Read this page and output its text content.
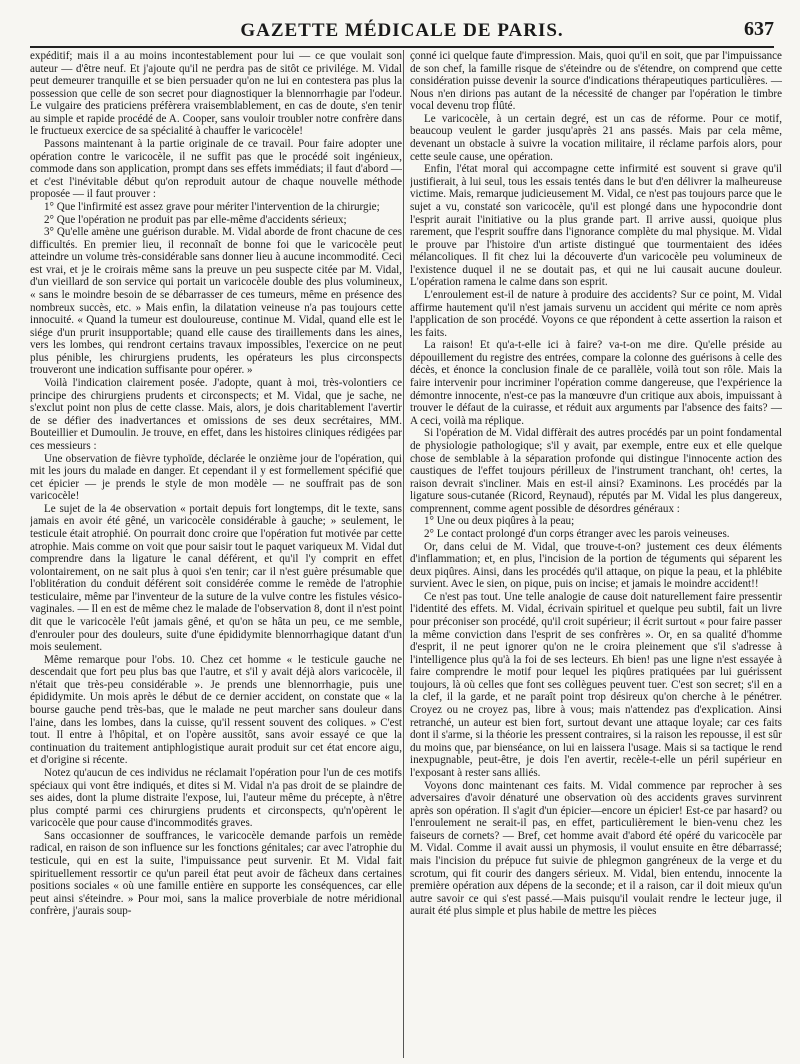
GAZETTE MÉDICALE DE PARIS.	637

expéditif; mais il a au moins incontestablement pour lui — ce que voulait son auteur — d'être neuf. Et j'ajoute qu'il ne perdra pas de sitôt ce privilége. M. Vidal peut demeurer tranquille et se bien persuader qu'on ne lui en contestera pas plus la possession que celle de son secret pour diagnostiquer la blennorrhagie par l'odeur. Le vulgaire des praticiens préfèrera vraisemblablement, en cas de doute, s'en tenir au simple et rapide procédé de A. Cooper, sans vouloir troubler notre confrère dans le fructueux exercice de sa spécialité à chauffer le varicocèle!

Passons maintenant à la partie originale de ce travail. Pour faire adopter une opération contre le varicocèle, il ne suffit pas que le procédé soit ingénieux, commode dans son application, prompt dans ses effets immédiats; il faut d'abord — et c'est l'inévitable début qu'on reproduit autour de chaque nouvelle méthode proposée — il faut prouver :

1° Que l'infirmité est assez grave pour mériter l'intervention de la chirurgie;

2° Que l'opération ne produit pas par elle-même d'accidents sérieux;

3° Qu'elle amène une guérison durable. M. Vidal aborde de front chacune de ces difficultés. En premier lieu, il reconnaît de bonne foi que le varicocèle peut atteindre un volume très-considérable sans donner lieu à aucune incommodité. Ceci est vrai, et je le croirais même sans la preuve un peu suspecte citée par M. Vidal, d'un vieillard de son service qui portait un varicocèle double des plus volumineux, « sans le moindre besoin de se débarrasser de ces tumeurs, même en présence des nombreux succès, etc. » Mais enfin, la dilatation veineuse n'a pas toujours cette innocuité. « Quand la tumeur est douloureuse, continue M. Vidal, quand elle est le siége d'un prurit insupportable; quand elle cause des tiraillements dans les aines, vers les lombes, qui rendront certains travaux impossibles, l'exercice on ne peut plus pénible, les chirurgiens prudents, les opérateurs les plus circonspects trouveront une indication suffisante pour opérer. »

Voilà l'indication clairement posée. J'adopte, quant à moi, très-volontiers ce principe des chirurgiens prudents et circonspects; et M. Vidal, que je sache, ne s'exclut point non plus de cette classe. Mais, alors, je dois charitablement l'avertir de se défier des inadvertances et omissions de ses deux secrétaires, MM. Bouteillier et Dumoulin. Je trouve, en effet, dans les histoires cliniques rédigées par ces messieurs :

Une observation de fièvre typhoïde, déclarée le onzième jour de l'opération, qui mit les jours du malade en danger. Et cependant il y est formellement spécifié que cet épicier — je prends le style de mon modèle — ne souffrait pas de son varicocèle!

Le sujet de la 4e observation « portait depuis fort longtemps, dit le texte, sans jamais en avoir été gêné, un varicocèle considérable à gauche; » seulement, le testicule était atrophié. On pourrait donc croire que l'opération fut motivée par cette atrophie. Mais comme on voit que pour saisir tout le paquet variqueux M. Vidal dut comprendre dans la ligature le canal déférent, et qu'il l'y comprit en effet volontairement, on ne sait plus à quoi s'en tenir; car il n'est guère présumable que l'oblitération du conduit déférent soit considérée comme le remède de l'atrophie testiculaire, même par l'inventeur de la suture de la vulve contre les fistules vésico-vaginales. — Il en est de même chez le malade de l'observation 8, dont il n'est point dit que le varicocèle l'eût jamais gêné, et qu'on se hâta un peu, ce me semble, d'enrouler pour des douleurs, suite d'une épididymite blennorrhagique datant d'un mois seulement.

Même remarque pour l'obs. 10. Chez cet homme « le testicule gauche ne descendait que fort peu plus bas que l'autre, et s'il y avait déjà alors varicocèle, il n'était que très-peu considérable ». Je prends une blennorrhagie, puis une épididymite. Un mois après le début de ce dernier accident, on constate que « la bourse gauche pend très-bas, que le malade ne peut marcher sans douleur dans l'aine, dans les lombes, dans la cuisse, qu'il ressent souvent des coliques. » C'est tout. Il entre à l'hôpital, et on l'opère aussitôt, sans avoir essayé ce que la continuation du traitement antiphlogistique aurait produit sur cet état encore aigu, et d'origine si récente.

Notez qu'aucun de ces individus ne réclamait l'opération pour l'un de ces motifs spéciaux qui vont être indiqués, et dites si M. Vidal n'a pas droit de se plaindre de ses aides, dont la plume distraite l'expose, lui, l'auteur même du précepte, à n'être plus compté parmi ces chirurgiens prudents et circonspects, qu'n'opèrent le varicocèle que pour cause d'incommodités graves.

Sans occasionner de souffrances, le varicocèle demande parfois un remède radical, en raison de son influence sur les fonctions génitales; car avec l'atrophie du testicule, qui en est la suite, l'impuissance peut survenir. Et M. Vidal fait spirituellement ressortir ce qu'un pareil état peut avoir de fâcheux dans certaines positions sociales « où une famille entière en supporte les conséquences, car elle peut ainsi s'éteindre. » Pour moi, sans la malice proverbiale de notre méridional confrère, j'aurais soup-

çonné ici quelque faute d'impression. Mais, quoi qu'il en soit, que par l'impuissance de son chef, la famille risque de s'éteindre ou de s'étendre, on comprend que cette considération puisse devenir la source d'indications thérapeutiques particulières. — Nous n'en dirions pas autant de la nécessité de changer par l'opération le timbre vocal devenu trop flûté.

Le varicocèle, à un certain degré, est un cas de réforme. Pour ce motif, beaucoup veulent le garder jusqu'après 21 ans passés. Mais par cela même, devenant un obstacle à suivre la vocation militaire, il réclame parfois alors, pour cette seule cause, une opération.

Enfin, l'état moral qui accompagne cette infirmité est souvent si grave qu'il justifierait, à lui seul, tous les essais tentés dans le but d'en délivrer la malheureuse victime. Mais, remarque judicieusement M. Vidal, ce n'est pas toujours parce que le sujet a vu, constaté son varicocèle, qu'il est plongé dans une hypocondrie dont l'esprit aurait l'initiative ou la plus grande part. Il arrive aussi, quoique plus rarement, que l'esprit souffre dans l'ignorance complète du mal physique. M. Vidal le prouve par l'histoire d'un artiste distingué que tourmentaient des idées mélancoliques. Il fit chez lui la découverte d'un varicocèle peu volumineux de l'existence duquel il ne se doutait pas, et qui ne lui causait aucune douleur. L'opération ramena le calme dans son esprit.

L'enroulement est-il de nature à produire des accidents? Sur ce point, M. Vidal affirme hautement qu'il n'est jamais survenu un accident qui mérite ce nom après l'application de son procédé. Voyons ce que répondent à cette assertion la raison et les faits.

La raison! Et qu'a-t-elle ici à faire? va-t-on me dire. Qu'elle préside au dépouillement du registre des entrées, compare la colonne des guérisons à celle des décès, et énonce la conclusion finale de ce parallèle, voilà tout son rôle. Mais la faire intervenir pour incriminer l'opération comme dangereuse, que l'expérience la démontre innocente, n'est-ce pas la manœuvre d'un critique aux abois, impuissant à trouver le défaut de la cuirasse, et réduit aux arguments par l'absence des faits? — A ceci, voilà ma réplique.

Si l'opération de M. Vidal diffèrait des autres procédés par un point fondamental de physiologie pathologique; s'il y avait, par exemple, entre eux et elle quelque chose de semblable à la séparation profonde qui distingue l'innocente action des caustiques de l'effet toujours périlleux de l'instrument tranchant, oh! certes, la raison devrait s'incliner. Mais en est-il ainsi? Examinons. Les procédés par la ligature sous-cutanée (Ricord, Reynaud), réputés par M. Vidal les plus dangereux, comprennent, comme agent possible de désordres généraux :

1° Une ou deux piqûres à la peau;

2° Le contact prolongé d'un corps étranger avec les parois veineuses.

Or, dans celui de M. Vidal, que trouve-t-on? justement ces deux éléments d'inflammation; et, en plus, l'incision de la portion de téguments qui séparent les deux piqûres. Ainsi, dans les procédés qu'il attaque, on pique la peau, et la phlébite survient. Avec le sien, on pique, puis on incise; et jamais le moindre accident!!

Ce n'est pas tout. Une telle analogie de cause doit naturellement faire pressentir l'identité des effets. M. Vidal, écrivain spirituel et quelque peu subtil, fait un livre pour préconiser son procédé, qu'il croit supérieur; il écrit surtout « pour faire passer la même conviction dans l'esprit de ses confrères ». Or, en sa qualité d'homme d'esprit, il ne peut ignorer qu'on ne le croira pleinement que s'il s'adresse à l'intelligence plus qu'à la foi de ses lecteurs. Eh bien! pas une ligne n'est essayée à faire comprendre le motif pour lequel les piqûres pratiquées par lui guérissent toujours, là où celles que font ses collègues peuvent tuer. C'est son secret; s'il en a la clef, il la garde, et ne paraît point trop désireux qu'on cherche à le pénétrer. Croyez ou ne croyez pas, libre à vous; mais n'attendez pas d'explication. Ainsi retranché, un auteur est bien fort, surtout devant une attaque loyale; car ces faits dont il s'arme, si la théorie les pressent contraires, si la raison les repousse, il est sûr du moins que, par bienséance, on lui en laissera l'usage. Mais si sa tactique le rend inexpugnable, peut-être, je dois l'en avertir, recèle-t-elle un péril supérieur en l'exposant à rester sans alliés.

Voyons donc maintenant ces faits. M. Vidal commence par reprocher à ses adversaires d'avoir dénaturé une observation où des accidents graves survinrent après son opération. Il s'agit d'un épicier—encore un épicier! Est-ce par hasard? ou l'enroulement ne serait-il pas, en effet, particulièrement le bien-venu chez les faiseurs de cornets? — Bref, cet homme avait d'abord été opéré du varicocèle par M. Vidal. Comme il avait aussi un phymosis, il voulut ensuite en être débarrassé; mais l'incision du prépuce fut suivie de phlegmon gangréneux de la verge et du scrotum, qui fit courir des dangers sérieux. M. Vidal, bien entendu, innocente la première opération aux dépens de la seconde; et il a raison, car il doit mieux qu'un autre savoir ce qui s'est passé.—Mais puisqu'il voulait rendre le lecteur juge, il aurait été plus simple et plus habile de mettre les pièces
